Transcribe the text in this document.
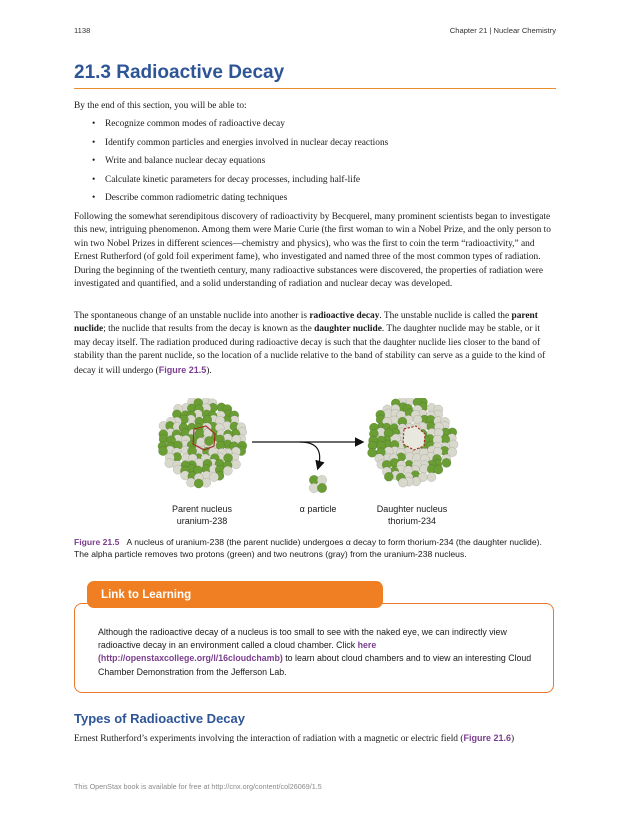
1138	Chapter 21 | Nuclear Chemistry
21.3 Radioactive Decay
By the end of this section, you will be able to:
• Recognize common modes of radioactive decay
• Identify common particles and energies involved in nuclear decay reactions
• Write and balance nuclear decay equations
• Calculate kinetic parameters for decay processes, including half-life
• Describe common radiometric dating techniques

Following the somewhat serendipitous discovery of radioactivity by Becquerel, many prominent scientists began to investigate this new, intriguing phenomenon. Among them were Marie Curie (the first woman to win a Nobel Prize, and the only person to win two Nobel Prizes in different sciences—chemistry and physics), who was the first to coin the term “radioactivity,” and Ernest Rutherford (of gold foil experiment fame), who investigated and named three of the most common types of radiation. During the beginning of the twentieth century, many radioactive substances were discovered, the properties of radiation were investigated and quantified, and a solid understanding of radiation and nuclear decay was developed.

The spontaneous change of an unstable nuclide into another is radioactive decay. The unstable nuclide is called the parent nuclide; the nuclide that results from the decay is known as the daughter nuclide. The daughter nuclide may be stable, or it may decay itself. The radiation produced during radioactive decay is such that the daughter nuclide lies closer to the band of stability than the parent nuclide, so the location of a nuclide relative to the band of stability can serve as a guide to the kind of decay it will undergo (Figure 21.5).

Parent nucleus
uranium-238
α particle	Daughter nucleus
thorium-234
Figure 21.5 A nucleus of uranium-238 (the parent nuclide) undergoes α decay to form thorium-234 (the daughter nuclide). The alpha particle removes two protons (green) and two neutrons (gray) from the uranium-238 nucleus.
Link to Learning
Although the radioactive decay of a nucleus is too small to see with the naked eye, we can indirectly view radioactive decay in an environment called a cloud chamber. Click here (http://openstaxcollege.org/l/16cloudchamb) to learn about cloud chambers and to view an interesting Cloud Chamber Demonstration from the Jefferson Lab.
Types of Radioactive Decay
Ernest Rutherford’s experiments involving the interaction of radiation with a magnetic or electric field (Figure 21.6)
This OpenStax book is available for free at http://cnx.org/content/col26069/1.5
